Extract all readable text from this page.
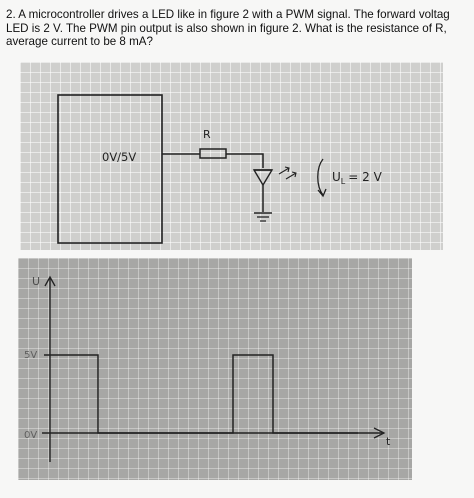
2. A microcontroller drives a LED like in figure 2 with a PWM signal. The forward voltag
LED is 2 V. The PWM pin output is also shown in figure 2. What is the resistance of R,
average current to be 8 mA?
0V/5V
R
$U_L = 2$ V
U
t
5V
0V
